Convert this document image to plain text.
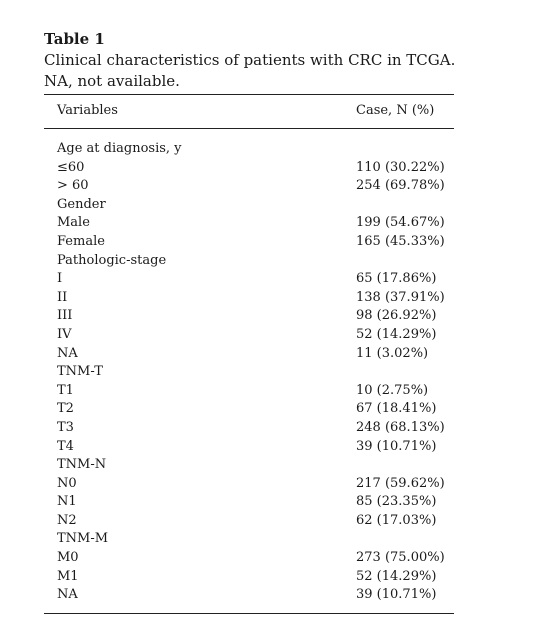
Table 1
Clinical characteristics of patients with CRC in TCGA. NA, not available.
Variables	Case, N (%)
Age at diagnosis, y
≤60	110 (30.22%)
> 60	254 (69.78%)
Gender
Male	199 (54.67%)
Female	165 (45.33%)
Pathologic-stage
I	65 (17.86%)
II	138 (37.91%)
III	98 (26.92%)
IV	52 (14.29%)
NA	11 (3.02%)
TNM-T
T1	10 (2.75%)
T2	67 (18.41%)
T3	248 (68.13%)
T4	39 (10.71%)
TNM-N
N0	217 (59.62%)
N1	85 (23.35%)
N2	62 (17.03%)
TNM-M
M0	273 (75.00%)
M1	52 (14.29%)
NA	39 (10.71%)
